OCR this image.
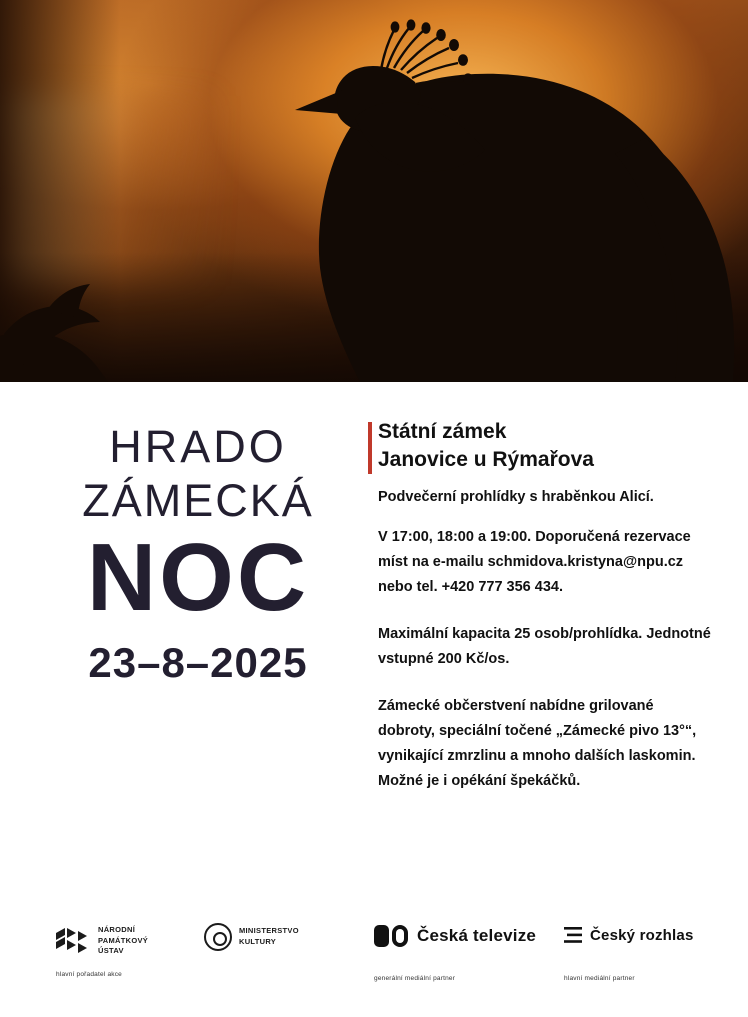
HRADO
ZÁMECKÁ
NOC
23–8–2025
Státní zámek
Janovice u Rýmařova
Podvečerní prohlídky s hraběnkou Alicí.
V 17:00, 18:00 a 19:00. Doporučená rezervace míst na e-mailu schmidova.kristyna@npu.cz nebo tel. +420 777 356 434.
Maximální kapacita 25 osob/prohlídka. Jednotné vstupné 200 Kč/os.
Zámecké občerstvení nabídne grilované dobroty, speciální točené „Zámecké pivo 13°“, vynikající zmrzlinu a mnoho dalších laskomin. Možné je i opékání špekáčků.
NÁRODNÍ
PAMÁTKOVÝ
ÚSTAV
hlavní pořadatel akce
MINISTERSTVO
KULTURY	Česká televize
generální mediální partner
Český rozhlas
hlavní mediální partner
